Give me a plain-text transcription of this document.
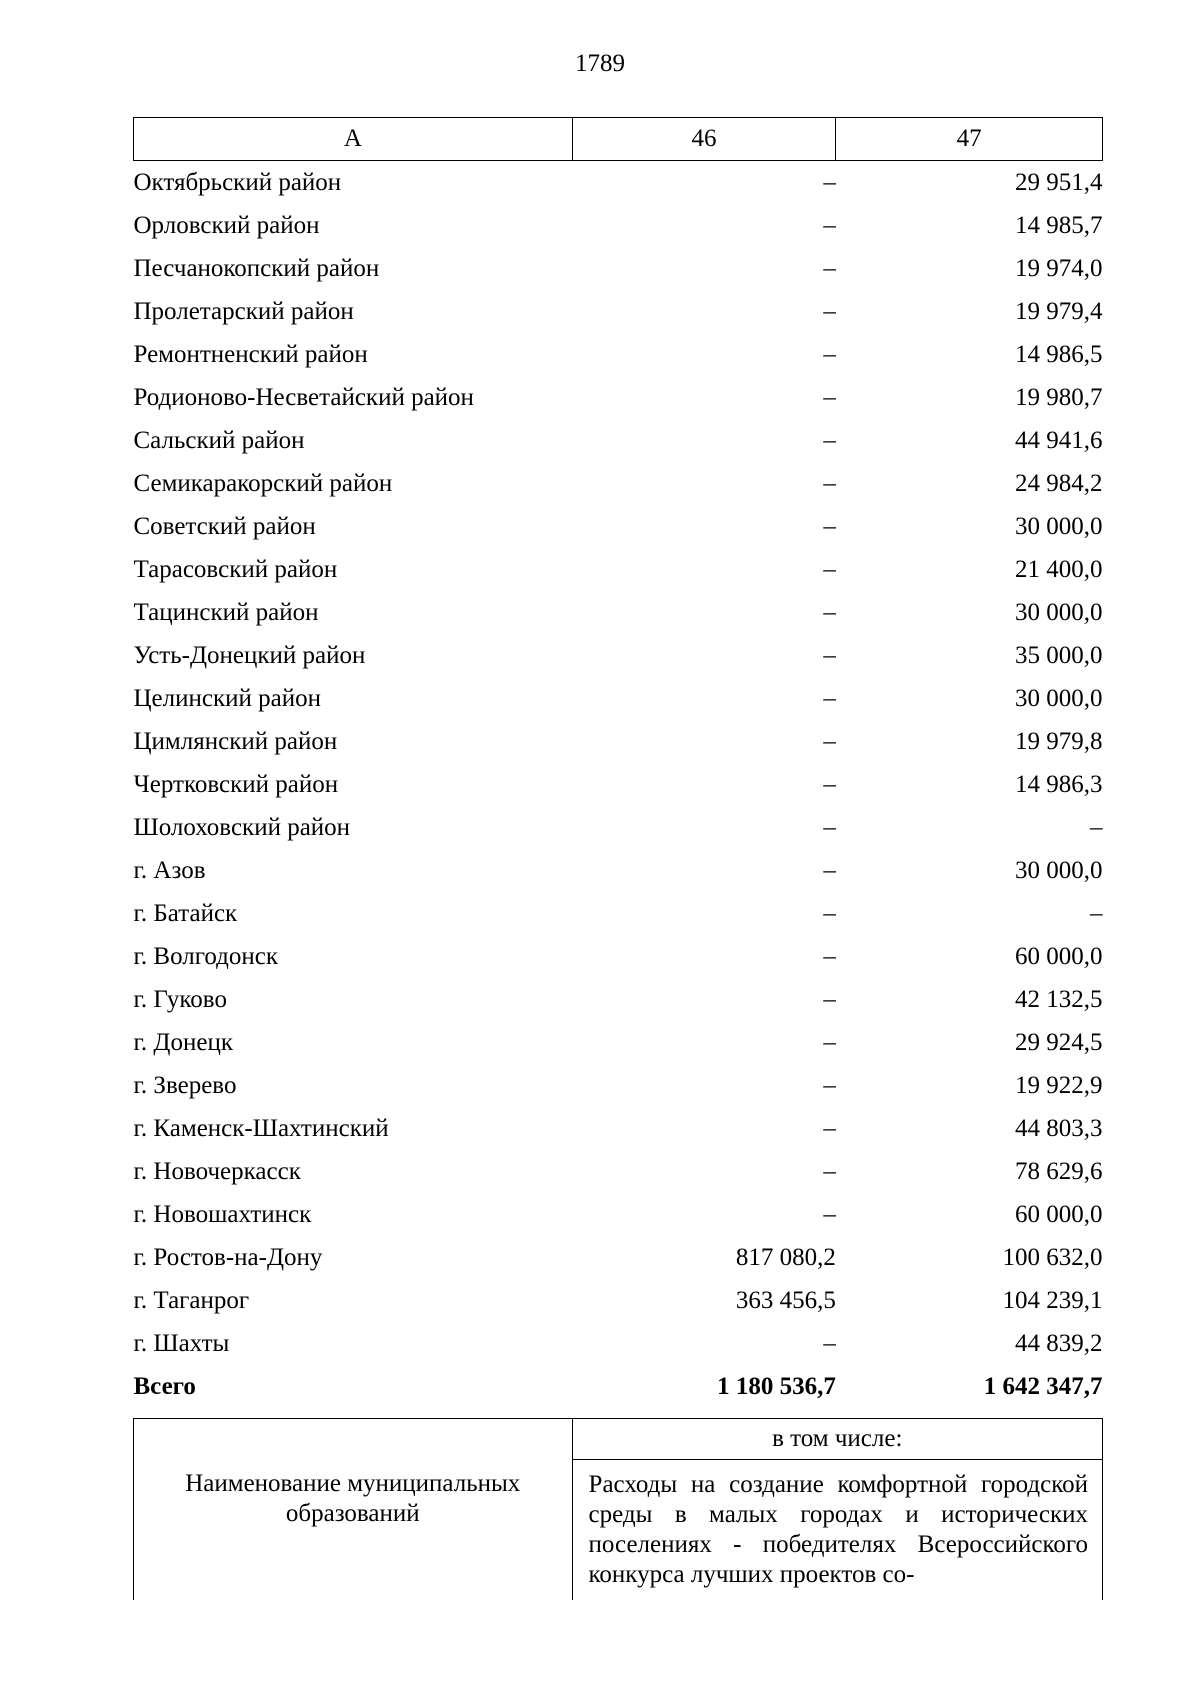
1789
А	46	47
Октябрьский район	–	29 951,4
Орловский район	–	14 985,7
Песчанокопский район	–	19 974,0
Пролетарский район	–	19 979,4
Ремонтненский район	–	14 986,5
Родионово-Несветайский район	–	19 980,7
Сальский район	–	44 941,6
Семикаракорский район	–	24 984,2
Советский район	–	30 000,0
Тарасовский район	–	21 400,0
Тацинский район	–	30 000,0
Усть-Донецкий район	–	35 000,0
Целинский район	–	30 000,0
Цимлянский район	–	19 979,8
Чертковский район	–	14 986,3
Шолоховский район	–	–
г. Азов	–	30 000,0
г. Батайск	–	–
г. Волгодонск	–	60 000,0
г. Гуково	–	42 132,5
г. Донецк	–	29 924,5
г. Зверево	–	19 922,9
г. Каменск-Шахтинский	–	44 803,3
г. Новочеркасск	–	78 629,6
г. Новошахтинск	–	60 000,0
г. Ростов-на-Дону	817 080,2	100 632,0
г. Таганрог	363 456,5	104 239,1
г. Шахты	–	44 839,2
Всего	1 180 536,7	1 642 347,7
Наименование муниципальных образований	в том числе:

Расходы на создание комфортной городской среды в малых городах и исторических поселениях - победителях Всероссийского конкурса лучших проектов со-
